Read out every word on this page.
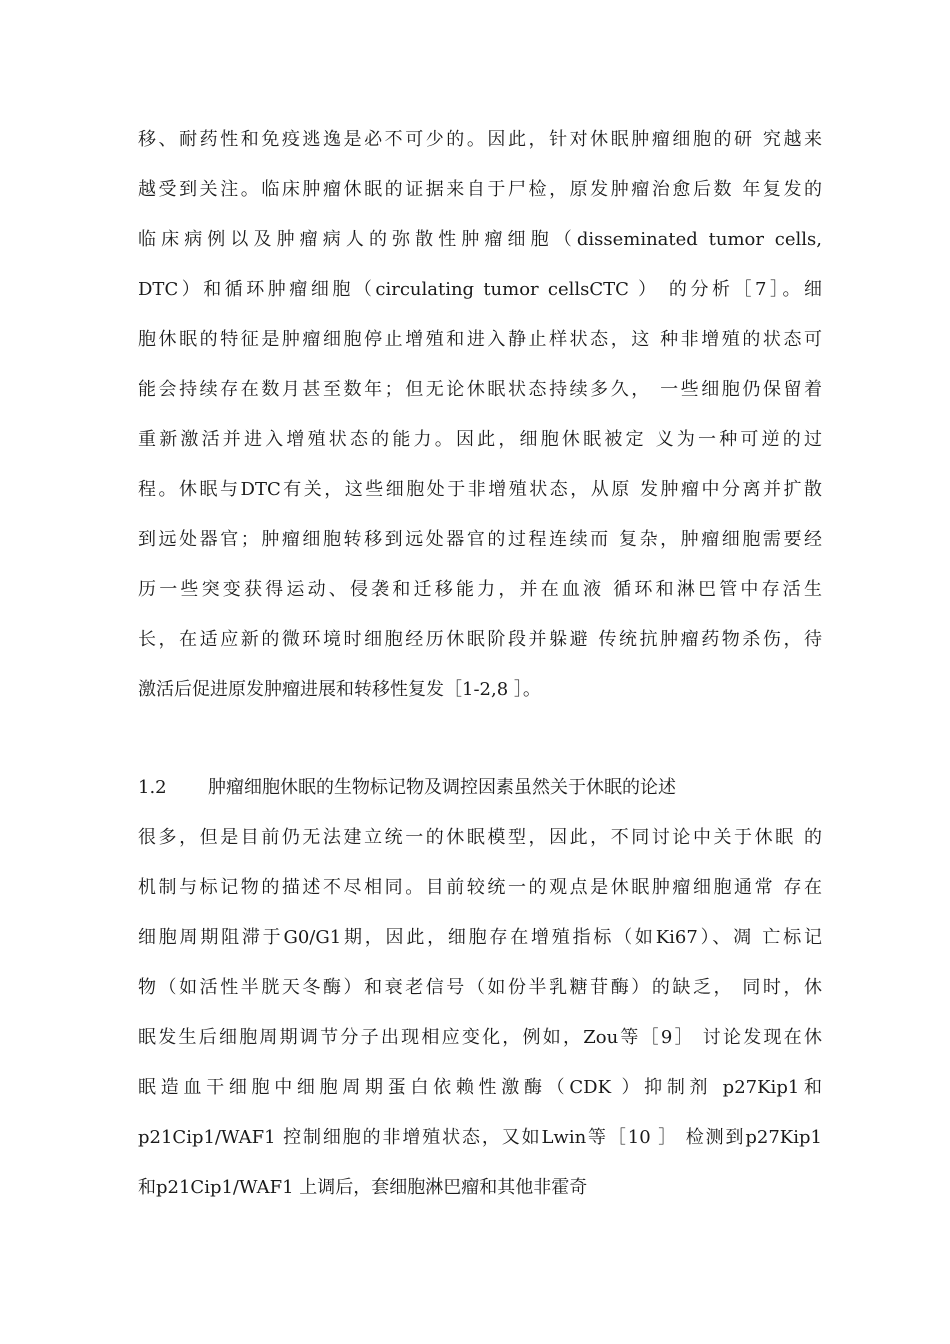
移、耐药性和免疫逃逸是必不可少的。因此，针对休眠肿瘤细胞的研 究越来
越受到关注。临床肿瘤休眠的证据来自于尸检，原发肿瘤治愈后数 年复发的
临床病例以及肿瘤病人的弥散性肿瘤细胞（disseminated tumor cells,
DTC）和循环肿瘤细胞（circulating tumor cellsCTC ） 的分析［7］。细
胞休眠的特征是肿瘤细胞停止增殖和进入静止样状态，这 种非增殖的状态可
能会持续存在数月甚至数年；但无论休眠状态持续多久， 一些细胞仍保留着
重新激活并进入增殖状态的能力。因此，细胞休眠被定 义为一种可逆的过
程。休眠与DTC有关，这些细胞处于非增殖状态，从原 发肿瘤中分离并扩散
到远处器官；肿瘤细胞转移到远处器官的过程连续而 复杂，肿瘤细胞需要经
历一些突变获得运动、侵袭和迁移能力，并在血液 循环和淋巴管中存活生
长，在适应新的微环境时细胞经历休眠阶段并躲避 传统抗肿瘤药物杀伤，待
激活后促进原发肿瘤进展和转移性复发［1-2,8 ］。
1.2 肿瘤细胞休眠的生物标记物及调控因素虽然关于休眠的论述
很多，但是目前仍无法建立统一的休眠模型，因此，不同讨论中关于休眠 的
机制与标记物的描述不尽相同。目前较统一的观点是休眠肿瘤细胞通常 存在
细胞周期阻滞于G0/G1期，因此，细胞存在增殖指标（如Ki67）、凋 亡标记
物（如活性半胱天冬酶）和衰老信号（如份半乳糖苷酶）的缺乏， 同时，休
眠发生后细胞周期调节分子出现相应变化，例如，Zou等［9］ 讨论发现在休
眠造血干细胞中细胞周期蛋白依赖性激酶（CDK ）抑制剂 p27Kip1和
p21Cip1/WAF1 控制细胞的非增殖状态，又如Lwin等［10 ］ 检测到p27Kip1
和p21Cip1/WAF1 上调后，套细胞淋巴瘤和其他非霍奇
